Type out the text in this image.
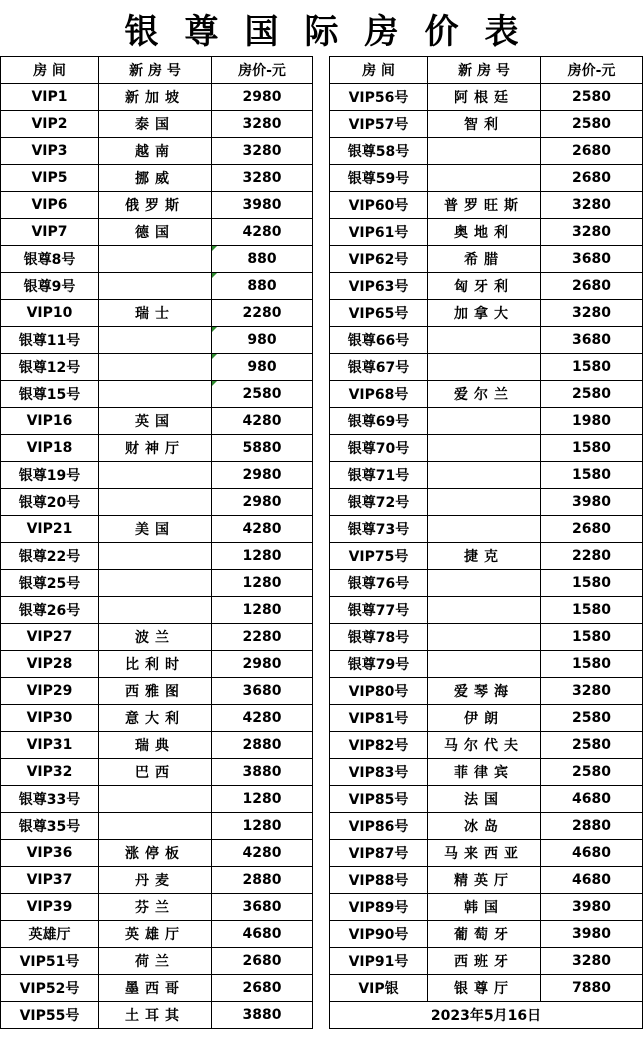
银尊国际房价表
房 间	新 房 号	房价-元
VIP1	新加坡	2980
VIP2	泰国	3280
VIP3	越南	3280
VIP5	挪威	3280
VIP6	俄罗斯	3980
VIP7	德国	4280
银尊8号		880
银尊9号		880
VIP10	瑞士	2280
银尊11号		980
银尊12号		980
银尊15号		2580
VIP16	英国	4280
VIP18	财神厅	5880
银尊19号		2980
银尊20号		2980
VIP21	美国	4280
银尊22号		1280
银尊25号		1280
银尊26号		1280
VIP27	波兰	2280
VIP28	比利时	2980
VIP29	西雅图	3680
VIP30	意大利	4280
VIP31	瑞典	2880
VIP32	巴西	3880
银尊33号		1280
银尊35号		1280
VIP36	涨停板	4280
VIP37	丹麦	2880
VIP39	芬兰	3680
英雄厅	英雄厅	4680
VIP51号	荷兰	2680
VIP52号	墨西哥	2680
VIP55号	土耳其	3880
房 间	新 房 号	房价-元
VIP56号	阿根廷	2580
VIP57号	智利	2580
银尊58号		2680
银尊59号		2680
VIP60号	普罗旺斯	3280
VIP61号	奥地利	3280
VIP62号	希腊	3680
VIP63号	匈牙利	2680
VIP65号	加拿大	3280
银尊66号		3680
银尊67号		1580
VIP68号	爱尔兰	2580
银尊69号		1980
银尊70号		1580
银尊71号		1580
银尊72号		3980
银尊73号		2680
VIP75号	捷克	2280
银尊76号		1580
银尊77号		1580
银尊78号		1580
银尊79号		1580
VIP80号	爱琴海	3280
VIP81号	伊朗	2580
VIP82号	马尔代夫	2580
VIP83号	菲律宾	2580
VIP85号	法国	4680
VIP86号	冰岛	2880
VIP87号	马来西亚	4680
VIP88号	精英厅	4680
VIP89号	韩国	3980
VIP90号	葡萄牙	3980
VIP91号	西班牙	3280
VIP银	银尊厅	7880
2023年5月16日		
